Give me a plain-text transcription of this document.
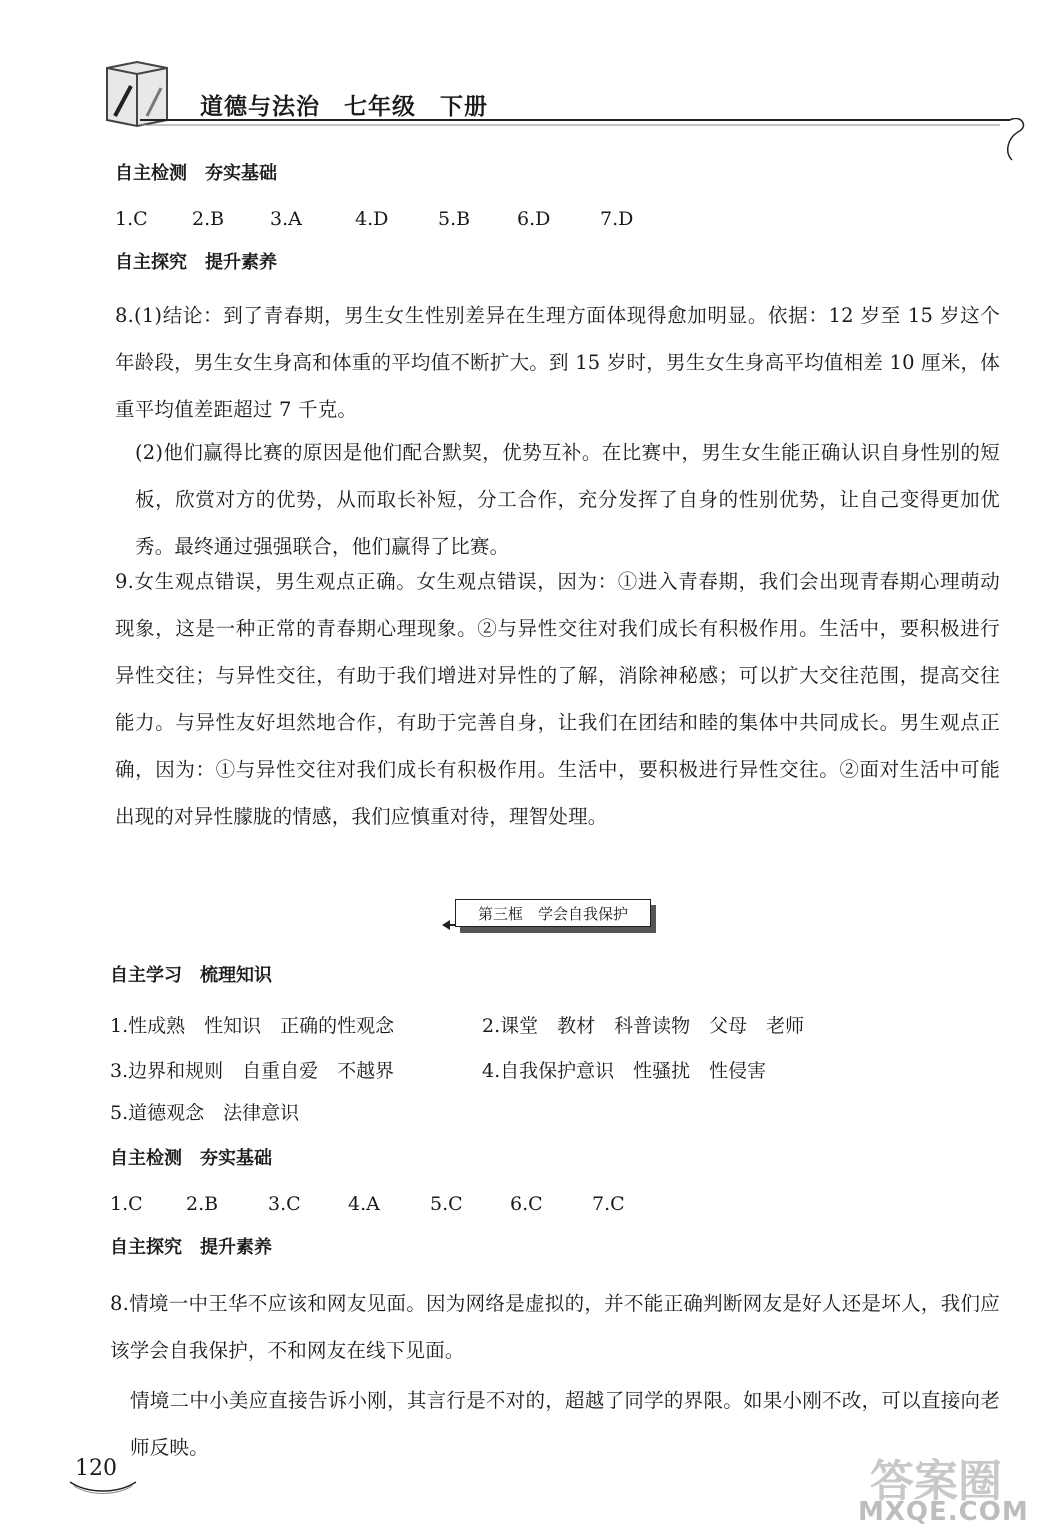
道德与法治　七年级　下册
自主检测　夯实基础
1.C 2.B 3.A	4.D	5.B 6.D	7.D
自主探究　提升素养
8.(1)结论：到了青春期，男生女生性别差异在生理方面体现得愈加明显。依据：12 岁至 15 岁这个年龄段，男生女生身高和体重的平均值不断扩大。到 15 岁时，男生女生身高平均值相差 10 厘米，体重平均值差距超过 7 千克。
(2)他们赢得比赛的原因是他们配合默契，优势互补。在比赛中，男生女生能正确认识自身性别的短板，欣赏对方的优势，从而取长补短，分工合作，充分发挥了自身的性别优势，让自己变得更加优秀。最终通过强强联合，他们赢得了比赛。
9.女生观点错误，男生观点正确。女生观点错误，因为：①进入青春期，我们会出现青春期心理萌动现象，这是一种正常的青春期心理现象。②与异性交往对我们成长有积极作用。生活中，要积极进行异性交往；与异性交往，有助于我们增进对异性的了解，消除神秘感；可以扩大交往范围，提高交往能力。与异性友好坦然地合作，有助于完善自身，让我们在团结和睦的集体中共同成长。男生观点正确，因为：①与异性交往对我们成长有积极作用。生活中，要积极进行异性交往。②面对生活中可能出现的对异性朦胧的情感，我们应慎重对待，理智处理。
第三框　学会自我保护
自主学习　梳理知识
1.性成熟　性知识　正确的性观念	2.课堂　教材　科普读物　父母　老师
3.边界和规则　自重自爱　不越界	4.自我保护意识　性骚扰　性侵害
5.道德观念　法律意识
自主检测　夯实基础
1.C 2.B	3.C 4.A	5.C 6.C	7.C
自主探究　提升素养
8.情境一中王华不应该和网友见面。因为网络是虚拟的，并不能正确判断网友是好人还是坏人，我们应该学会自我保护，不和网友在线下见面。
情境二中小美应直接告诉小刚，其言行是不对的，超越了同学的界限。如果小刚不改，可以直接向老师反映。
120	答案圈
MXQE.COM
